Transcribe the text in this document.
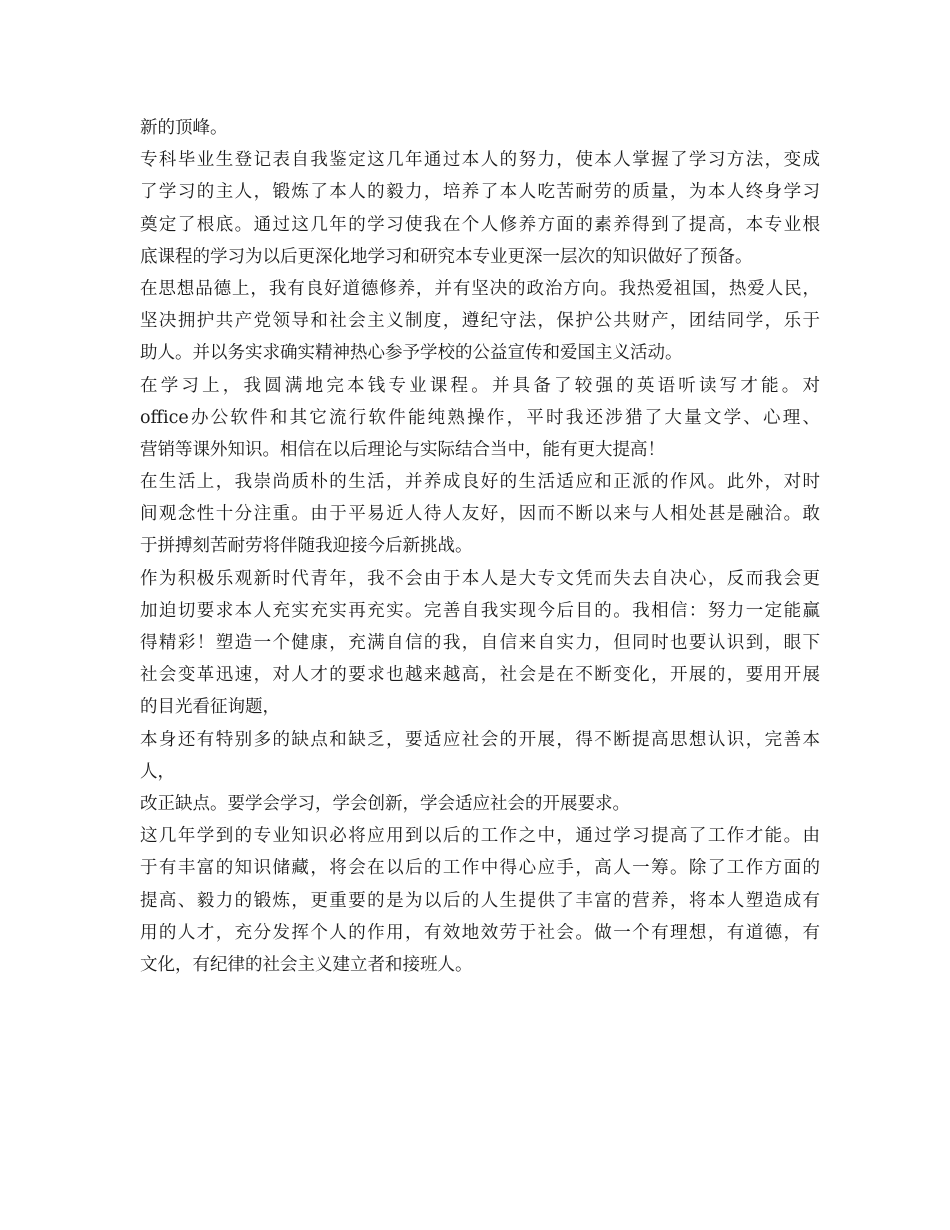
新的顶峰。
专科毕业生登记表自我鉴定这几年通过本人的努力，使本人掌握了学习方法，变成
了学习的主人，锻炼了本人的毅力，培养了本人吃苦耐劳的质量，为本人终身学习
奠定了根底。通过这几年的学习使我在个人修养方面的素养得到了提高，本专业根
底课程的学习为以后更深化地学习和研究本专业更深一层次的知识做好了预备。
在思想品德上，我有良好道德修养，并有坚决的政治方向。我热爱祖国，热爱人民，
坚决拥护共产党领导和社会主义制度，遵纪守法，保护公共财产，团结同学，乐于
助人。并以务实求确实精神热心参予学校的公益宣传和爱国主义活动。
在学习上，我圆满地完本钱专业课程。并具备了较强的英语听读写才能。对
office办公软件和其它流行软件能纯熟操作，平时我还涉猎了大量文学、心理、
营销等课外知识。相信在以后理论与实际结合当中，能有更大提高！
在生活上，我崇尚质朴的生活，并养成良好的生活适应和正派的作风。此外，对时
间观念性十分注重。由于平易近人待人友好，因而不断以来与人相处甚是融洽。敢
于拼搏刻苦耐劳将伴随我迎接今后新挑战。
作为积极乐观新时代青年，我不会由于本人是大专文凭而失去自决心，反而我会更
加迫切要求本人充实充实再充实。完善自我实现今后目的。我相信：努力一定能赢
得精彩！塑造一个健康，充满自信的我，自信来自实力，但同时也要认识到，眼下
社会变革迅速，对人才的要求也越来越高，社会是在不断变化，开展的，要用开展
的目光看征询题，
本身还有特别多的缺点和缺乏，要适应社会的开展，得不断提高思想认识，完善本
人，
改正缺点。要学会学习，学会创新，学会适应社会的开展要求。
这几年学到的专业知识必将应用到以后的工作之中，通过学习提高了工作才能。由
于有丰富的知识储藏，将会在以后的工作中得心应手，高人一筹。除了工作方面的
提高、毅力的锻炼，更重要的是为以后的人生提供了丰富的营养，将本人塑造成有
用的人才，充分发挥个人的作用，有效地效劳于社会。做一个有理想，有道德，有
文化，有纪律的社会主义建立者和接班人。
